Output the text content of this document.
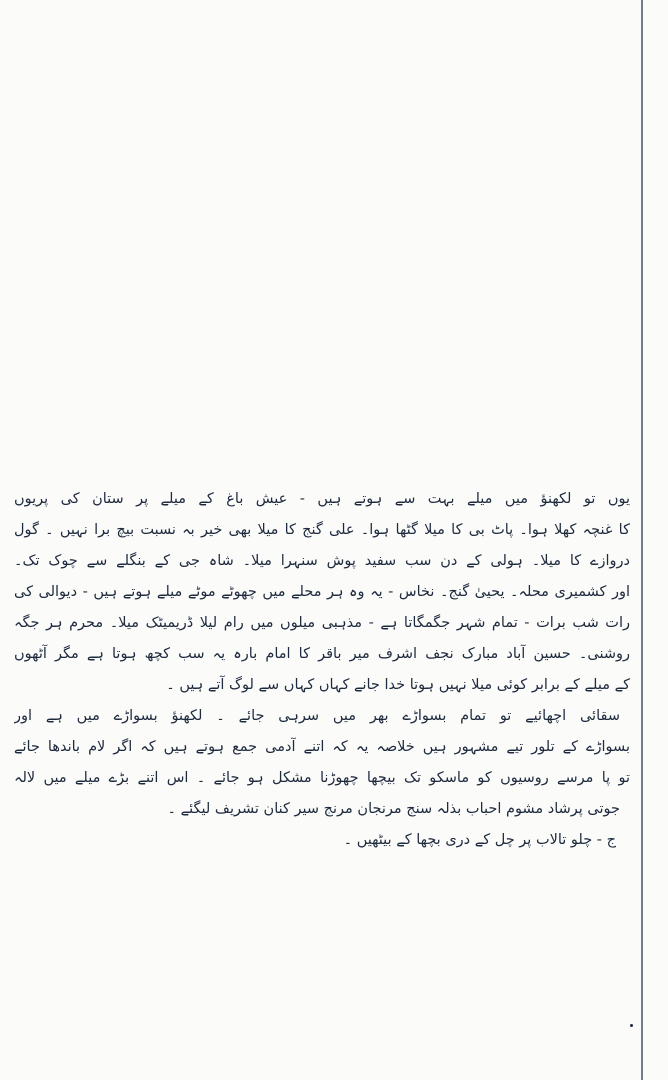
یوں تو لکھنؤ میں میلے بہت سے ہوتے ہیں - عیش باغ کے میلے پر ستان کی پریوں
کا غنچہ کھلا ہوا۔ پاٹ بی کا میلا گٹھا ہوا۔ علی گنج کا میلا بھی خیر بہ نسبت بیچ برا نہیں ۔ گول
دروازے کا میلا۔ ہولی کے دن سب سفید پوش سنہرا میلا۔ شاہ جی کے بنگلے سے چوک تک۔
اور کشمیری محلہ۔ یحییٰ گنج۔ نخاس - یہ وہ ہر محلے میں چھوٹے موٹے میلے ہوتے ہیں - دیوالی کی
رات شب برات - تمام شہر جگمگاتا ہے - مذہبی میلوں میں رام لیلا ڈریمیٹک میلا۔ محرم ہر جگہ
روشنی۔ حسین آباد مبارک نجف اشرف میر باقر کا امام بارہ یہ سب کچھ ہوتا ہے مگر آٹھوں
کے میلے کے برابر کوئی میلا نہیں ہوتا خدا جانے کہاں کہاں سے لوگ آتے ہیں ۔
سقائی اچھائیے تو تمام بسواڑے بھر میں سرہی جائے ۔ لکھنؤ بسواڑے میں ہے اور
بسواڑے کے تلور تیے مشہور ہیں خلاصہ یہ کہ اتنے آدمی جمع ہوتے ہیں کہ اگر لام باندھا جائے
تو پا مرسے روسیوں کو ماسکو تک بیچھا چھوڑنا مشکل ہو جائے ۔ اس اتنے بڑے میلے میں لالہ
جوتی پرشاد مشوم احباب بذلہ سنج مرنجان مرنج سیر کنان تشریف لیگئے ۔
ج - چلو تالاب پر چل کے دری بچھا کے بیٹھیں ۔
